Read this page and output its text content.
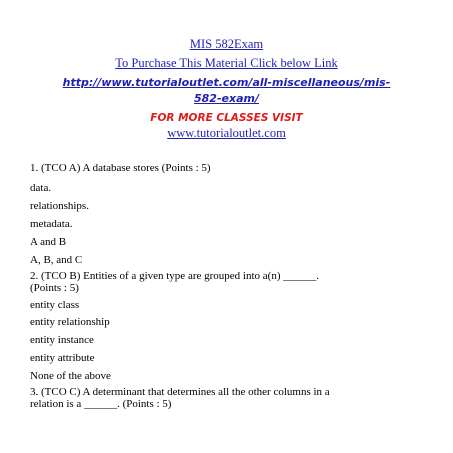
MIS 582Exam
To Purchase This Material Click below Link
http://www.tutorialoutlet.com/all-miscellaneous/mis-
582-exam/
FOR MORE CLASSES VISIT
www.tutorialoutlet.com
1. (TCO A) A database stores (Points : 5)
data.
relationships.
metadata.
A and B
A, B, and C
2. (TCO B) Entities of a given type are grouped into a(n) ______.
(Points : 5)
entity class
entity relationship
entity instance
entity attribute
None of the above
3. (TCO C) A determinant that determines all the other columns in a
relation is a ______. (Points : 5)
